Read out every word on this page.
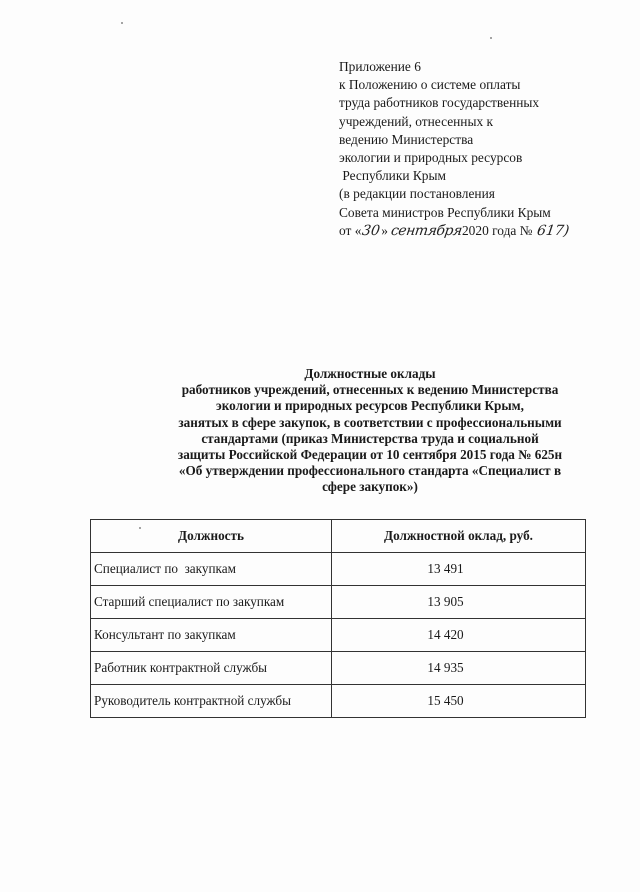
Приложение 6
к Положению о системе оплаты
труда работников государственных
учреждений, отнесенных к
ведению Министерства
экологии и природных ресурсов
Республики Крым
(в редакции постановления
Совета министров Республики Крым
от «30» сентября2020 года № 617)
Должностные оклады
работников учреждений, отнесенных к ведению Министерства
экологии и природных ресурсов Республики Крым,
занятых в сфере закупок, в соответствии с профессиональными
стандартами (приказ Министерства труда и социальной
защиты Российской Федерации от 10 сентября 2015 года № 625н
«Об утверждении профессионального стандарта «Специалист в
сфере закупок»)
Должность	Должностной оклад, руб.
Специалист по  закупкам	13 491
Старший специалист по закупкам	13 905
Консультант по закупкам	14 420
Работник контрактной службы	14 935
Руководитель контрактной службы	15 450
